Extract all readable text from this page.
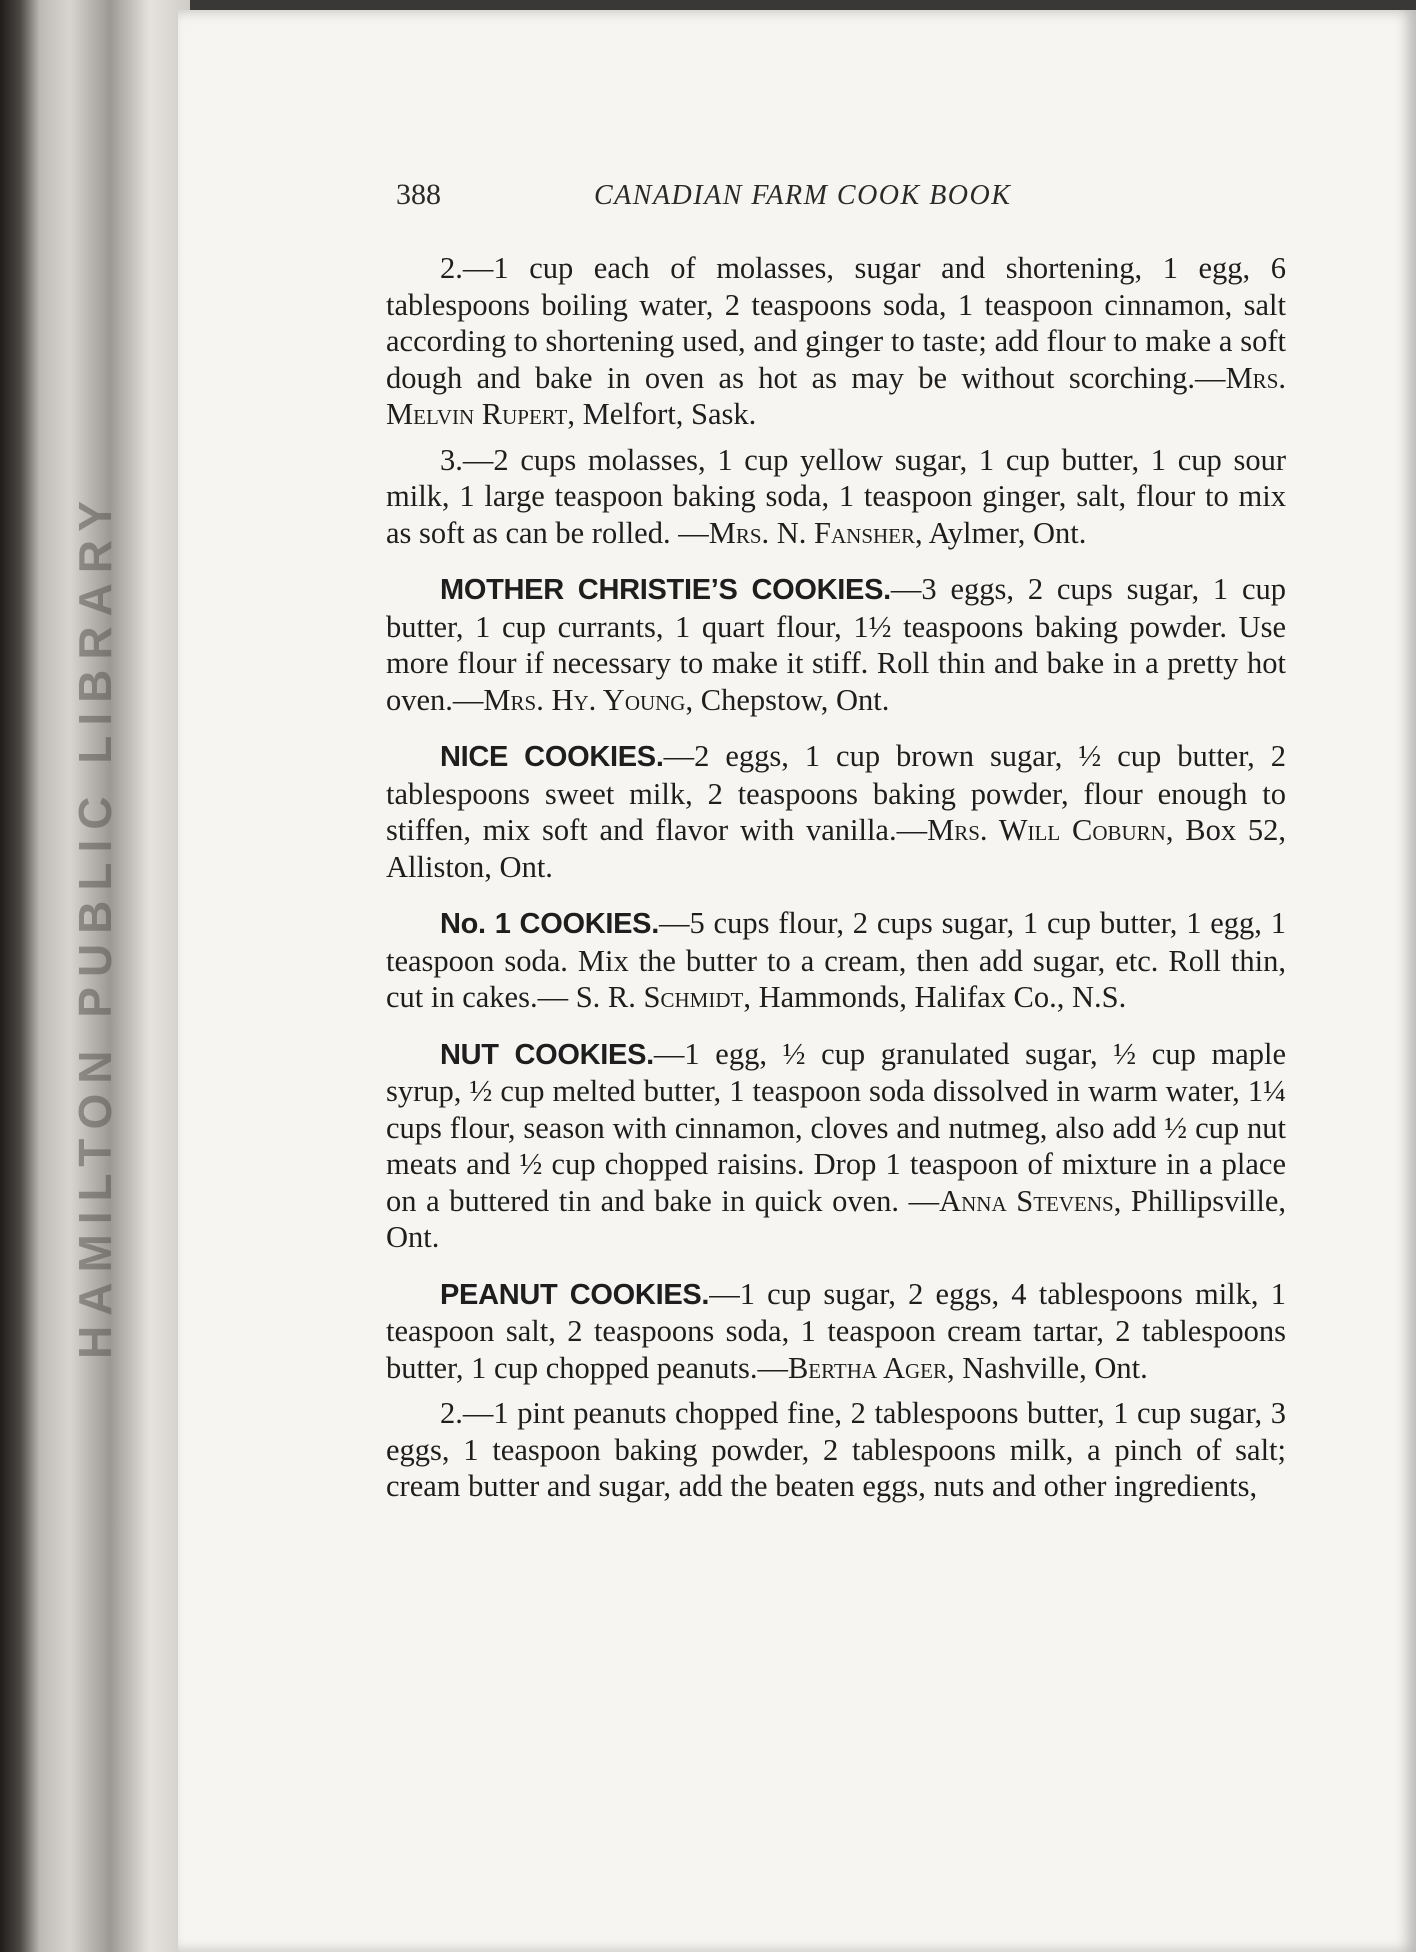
HAMILTON PUBLIC LIBRARY
388	CANADIAN FARM COOK BOOK

2.—1 cup each of molasses, sugar and shortening, 1 egg, 6 tablespoons boiling water, 2 teaspoons soda, 1 teaspoon cinnamon, salt according to shortening used, and ginger to taste; add flour to make a soft dough and bake in oven as hot as may be without scorching.—Mrs. Melvin Rupert, Melfort, Sask.

3.—2 cups molasses, 1 cup yellow sugar, 1 cup butter, 1 cup sour milk, 1 large teaspoon baking soda, 1 teaspoon ginger, salt, flour to mix as soft as can be rolled. —Mrs. N. Fansher, Aylmer, Ont.

MOTHER CHRISTIE’S COOKIES.—3 eggs, 2 cups sugar, 1 cup butter, 1 cup currants, 1 quart flour, 1½ teaspoons baking powder. Use more flour if necessary to make it stiff. Roll thin and bake in a pretty hot oven.—Mrs. Hy. Young, Chepstow, Ont.

NICE COOKIES.—2 eggs, 1 cup brown sugar, ½ cup butter, 2 tablespoons sweet milk, 2 teaspoons baking powder, flour enough to stiffen, mix soft and flavor with vanilla.—Mrs. Will Coburn, Box 52, Alliston, Ont.

No. 1 COOKIES.—5 cups flour, 2 cups sugar, 1 cup butter, 1 egg, 1 teaspoon soda. Mix the butter to a cream, then add sugar, etc. Roll thin, cut in cakes.— S. R. Schmidt, Hammonds, Halifax Co., N.S.

NUT COOKIES.—1 egg, ½ cup granulated sugar, ½ cup maple syrup, ½ cup melted butter, 1 teaspoon soda dissolved in warm water, 1¼ cups flour, season with cinnamon, cloves and nutmeg, also add ½ cup nut meats and ½ cup chopped raisins. Drop 1 teaspoon of mixture in a place on a buttered tin and bake in quick oven. —Anna Stevens, Phillipsville, Ont.

PEANUT COOKIES.—1 cup sugar, 2 eggs, 4 tablespoons milk, 1 teaspoon salt, 2 teaspoons soda, 1 teaspoon cream tartar, 2 tablespoons butter, 1 cup chopped peanuts.—Bertha Ager, Nashville, Ont.

2.—1 pint peanuts chopped fine, 2 tablespoons butter, 1 cup sugar, 3 eggs, 1 teaspoon baking powder, 2 tablespoons milk, a pinch of salt; cream butter and sugar, add the beaten eggs, nuts and other ingredients,
